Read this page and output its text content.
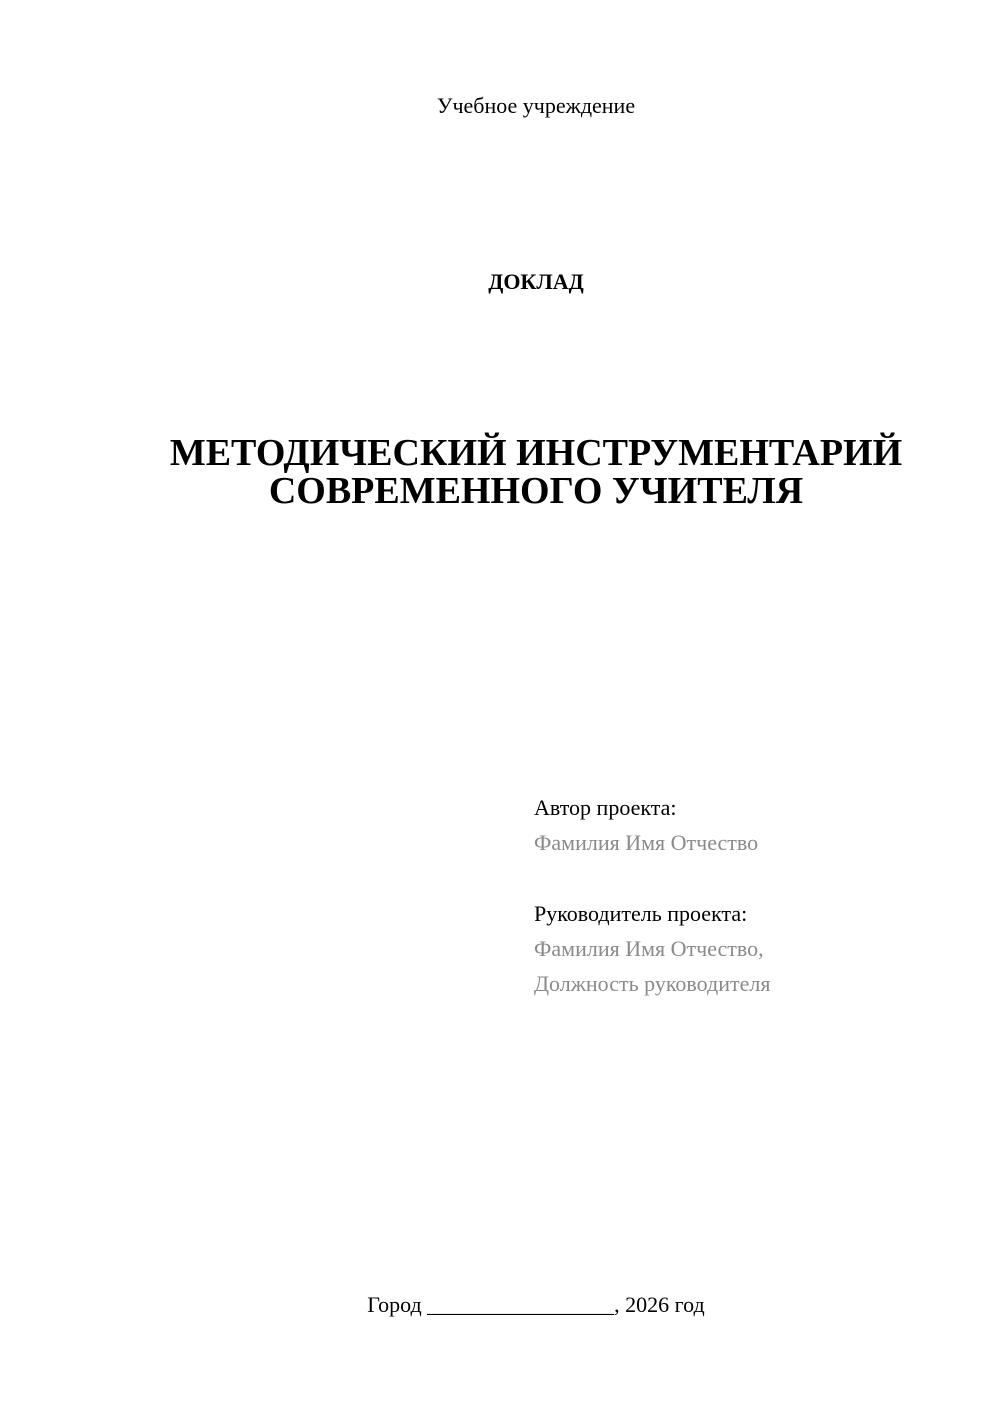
Учебное учреждение
ДОКЛАД
МЕТОДИЧЕСКИЙ ИНСТРУМЕНТАРИЙ
СОВРЕМЕННОГО УЧИТЕЛЯ
Автор проекта:
Фамилия Имя Отчество
Руководитель проекта:
Фамилия Имя Отчество,
Должность руководителя
Город _________________, 2026 год
